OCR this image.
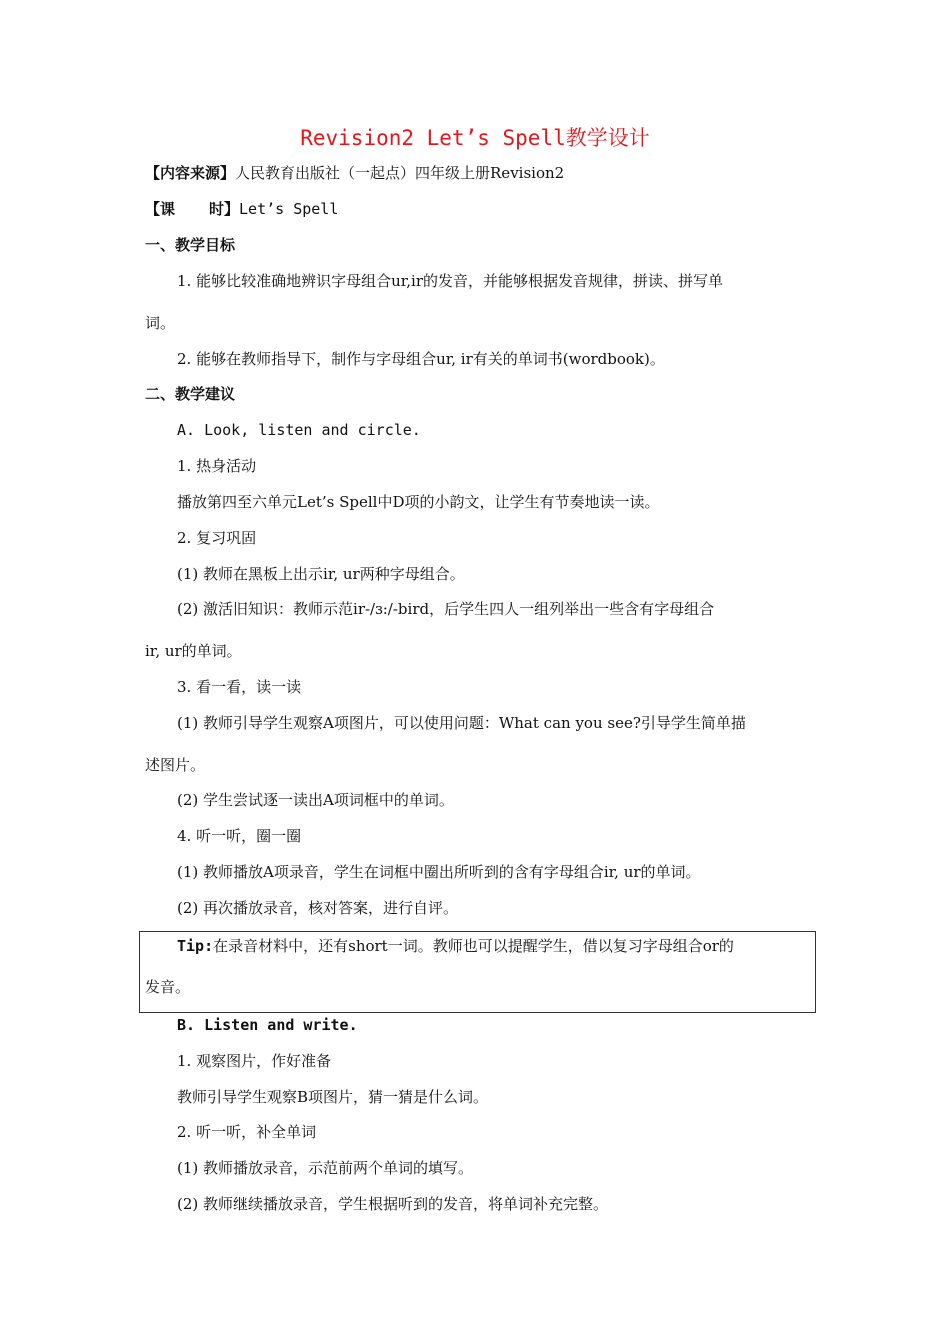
Revision2 Let’s Spell教学设计
【内容来源】人民教育出版社（一起点）四年级上册Revision2
【课 时】Let’s Spell
一、教学目标
1. 能够比较准确地辨识字母组合ur,ir的发音，并能够根据发音规律，拼读、拼写单
词。
2. 能够在教师指导下，制作与字母组合ur, ir有关的单词书(wordbook)。
二、教学建议
A. Look, listen and circle.
1. 热身活动
播放第四至六单元Let’s Spell中D项的小韵文，让学生有节奏地读一读。
2. 复习巩固
(1) 教师在黑板上出示ir, ur两种字母组合。
(2) 激活旧知识：教师示范ir-/ɜ:/-bird，后学生四人一组列举出一些含有字母组合
ir, ur的单词。
3. 看一看，读一读
(1) 教师引导学生观察A项图片，可以使用问题：What can you see?引导学生简单描
述图片。
(2) 学生尝试逐一读出A项词框中的单词。
4. 听一听，圈一圈
(1) 教师播放A项录音，学生在词框中圈出所听到的含有字母组合ir, ur的单词。
(2) 再次播放录音，核对答案，进行自评。
Tip:在录音材料中，还有short一词。教师也可以提醒学生，借以复习字母组合or的
发音。
B. Listen and write.
1. 观察图片，作好准备
教师引导学生观察B项图片，猜一猜是什么词。
2. 听一听，补全单词
(1) 教师播放录音，示范前两个单词的填写。
(2) 教师继续播放录音，学生根据听到的发音，将单词补充完整。
